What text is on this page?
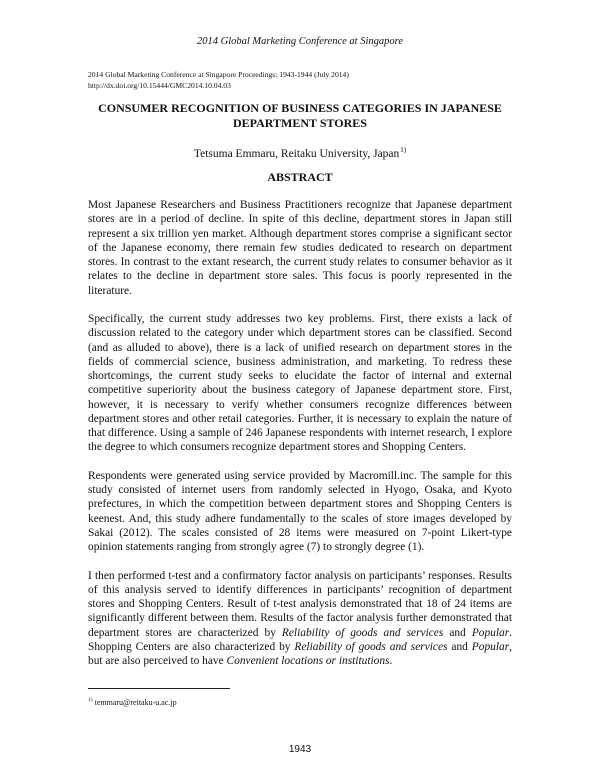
2014 Global Marketing Conference at Singapore
2014 Global Marketing Conference at Singapore Proceedings: 1943-1944 (July 2014)
http://dx.doi.org/10.15444/GMC2014.10.04.03
CONSUMER RECOGNITION OF BUSINESS CATEGORIES IN JAPANESE
DEPARTMENT STORES
Tetsuma Emmaru, Reitaku University, Japan$^{1)}$
ABSTRACT

Most Japanese Researchers and Business Practitioners recognize that Japanese department stores are in a period of decline. In spite of this decline, department stores in Japan still represent a six trillion yen market. Although department stores comprise a significant sector of the Japanese economy, there remain few studies dedicated to research on department stores. In contrast to the extant research, the current study relates to consumer behavior as it relates to the decline in department store sales. This focus is poorly represented in the literature.

Specifically, the current study addresses two key problems. First, there exists a lack of discussion related to the category under which department stores can be classified. Second (and as alluded to above), there is a lack of unified research on department stores in the fields of commercial science, business administration, and marketing. To redress these shortcomings, the current study seeks to elucidate the factor of internal and external competitive superiority about the business category of Japanese department store. First, however, it is necessary to verify whether consumers recognize differences between department stores and other retail categories. Further, it is necessary to explain the nature of that difference. Using a sample of 246 Japanese respondents with internet research, I explore the degree to which consumers recognize department stores and Shopping Centers.

Respondents were generated using service provided by Macromill.inc. The sample for this study consisted of internet users from randomly selected in Hyogo, Osaka, and Kyoto prefectures, in which the competition between department stores and Shopping Centers is keenest. And, this study adhere fundamentally to the scales of store images developed by Sakai (2012). The scales consisted of 28 items were measured on 7-point Likert-type opinion statements ranging from strongly agree (7) to strongly degree (1).

I then performed t-test and a confirmatory factor analysis on participants’ responses. Results of this analysis served to identify differences in participants’ recognition of department stores and Shopping Centers. Result of t-test analysis demonstrated that 18 of 24 items are significantly different between them. Results of the factor analysis further demonstrated that department stores are characterized by Reliability of goods and services and Popular. Shopping Centers are also characterized by Reliability of goods and services and Popular, but are also perceived to have Convenient locations or institutions.

$^{1)}$ temmaru@reitaku-u.ac.jp
1943
